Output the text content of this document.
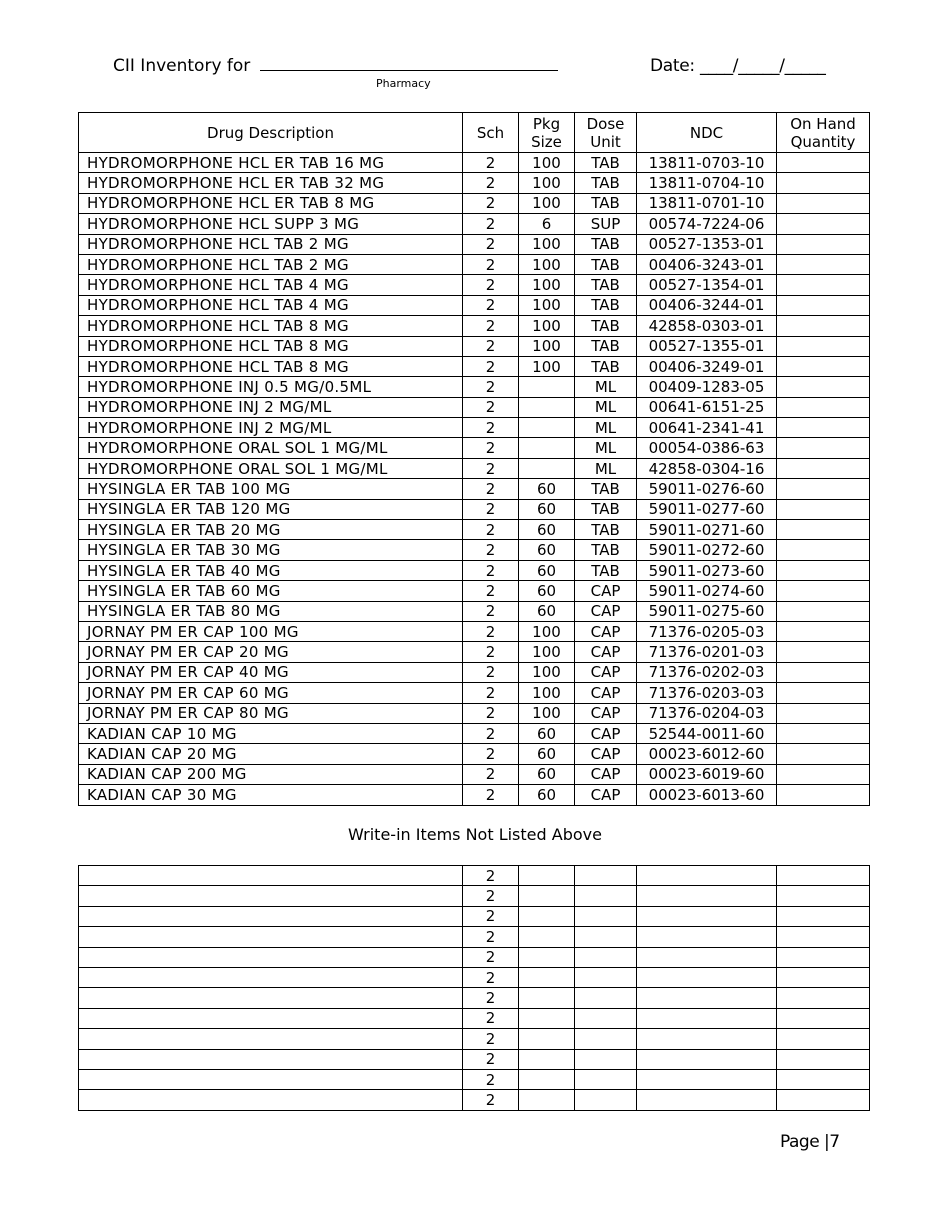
CII Inventory for
Pharmacy
Date: ____/_____/_____
Drug Description	Sch	Pkg Size	Dose Unit	NDC	On Hand Quantity
HYDROMORPHONE HCL ER TAB 16 MG	2	100	TAB	13811-0703-10	
HYDROMORPHONE HCL ER TAB 32 MG	2	100	TAB	13811-0704-10	
HYDROMORPHONE HCL ER TAB 8 MG	2	100	TAB	13811-0701-10	
HYDROMORPHONE HCL SUPP 3 MG	2	6	SUP	00574-7224-06	
HYDROMORPHONE HCL TAB 2 MG	2	100	TAB	00527-1353-01	
HYDROMORPHONE HCL TAB 2 MG	2	100	TAB	00406-3243-01	
HYDROMORPHONE HCL TAB 4 MG	2	100	TAB	00527-1354-01	
HYDROMORPHONE HCL TAB 4 MG	2	100	TAB	00406-3244-01	
HYDROMORPHONE HCL TAB 8 MG	2	100	TAB	42858-0303-01	
HYDROMORPHONE HCL TAB 8 MG	2	100	TAB	00527-1355-01	
HYDROMORPHONE HCL TAB 8 MG	2	100	TAB	00406-3249-01	
HYDROMORPHONE INJ 0.5 MG/0.5ML	2		ML	00409-1283-05	
HYDROMORPHONE INJ 2 MG/ML	2		ML	00641-6151-25	
HYDROMORPHONE INJ 2 MG/ML	2		ML	00641-2341-41	
HYDROMORPHONE ORAL SOL 1 MG/ML	2		ML	00054-0386-63	
HYDROMORPHONE ORAL SOL 1 MG/ML	2		ML	42858-0304-16	
HYSINGLA ER TAB 100 MG	2	60	TAB	59011-0276-60	
HYSINGLA ER TAB 120 MG	2	60	TAB	59011-0277-60	
HYSINGLA ER TAB 20 MG	2	60	TAB	59011-0271-60	
HYSINGLA ER TAB 30 MG	2	60	TAB	59011-0272-60	
HYSINGLA ER TAB 40 MG	2	60	TAB	59011-0273-60	
HYSINGLA ER TAB 60 MG	2	60	CAP	59011-0274-60	
HYSINGLA ER TAB 80 MG	2	60	CAP	59011-0275-60	
JORNAY PM ER CAP 100 MG	2	100	CAP	71376-0205-03	
JORNAY PM ER CAP 20 MG	2	100	CAP	71376-0201-03	
JORNAY PM ER CAP 40 MG	2	100	CAP	71376-0202-03	
JORNAY PM ER CAP 60 MG	2	100	CAP	71376-0203-03	
JORNAY PM ER CAP 80 MG	2	100	CAP	71376-0204-03	
KADIAN CAP 10 MG	2	60	CAP	52544-0011-60	
KADIAN CAP 20 MG	2	60	CAP	00023-6012-60	
KADIAN CAP 200 MG	2	60	CAP	00023-6019-60	
KADIAN CAP 30 MG	2	60	CAP	00023-6013-60	
Write-in Items Not Listed Above
	2				
	2				
	2				
	2				
	2				
	2				
	2				
	2				
	2				
	2				
	2				
	2				
Page |7
